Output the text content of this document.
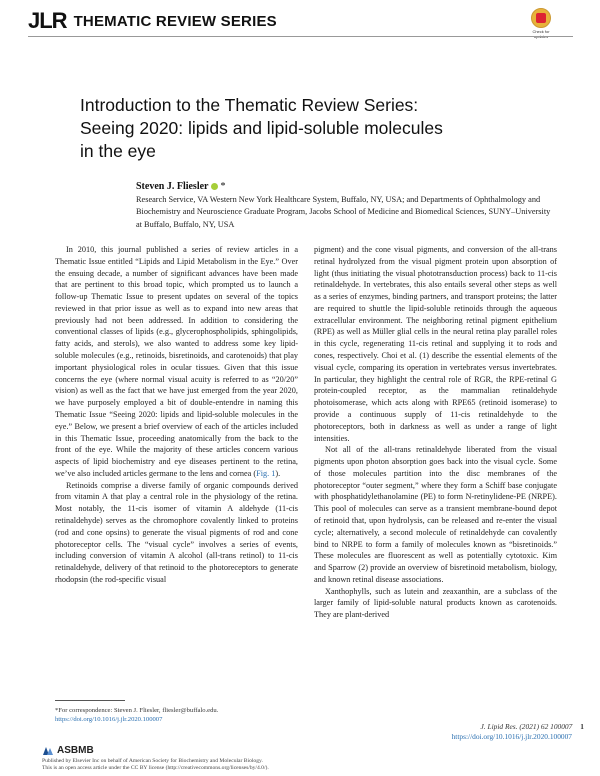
JLR THEMATIC REVIEW SERIES
Check for
Introduction to the Thematic Review Series:
Seeing 2020: lipids and lipid-soluble molecules
in the eye
Steven J. Fliesler *
Research Service, VA Western New York Healthcare System, Buffalo, NY, USA; and Departments of Ophthalmology and Biochemistry and Neuroscience Graduate Program, Jacobs School of Medicine and Biomedical Sciences, SUNY–University at Buffalo, Buffalo, NY, USA

In 2010, this journal published a series of review articles in a Thematic Issue entitled “Lipids and Lipid Metabolism in the Eye.” Over the ensuing decade, a number of significant advances have been made that are pertinent to this broad topic, which prompted us to launch a follow-up Thematic Issue to present updates on several of the topics reviewed in that prior issue as well as to expand into new areas that previously had not been addressed. In addition to considering the conventional classes of lipids (e.g., glycerophospholipids, sphingolipids, fatty acids, and sterols), we also wanted to address some key lipid-soluble molecules (e.g., retinoids, bisretinoids, and carotenoids) that play important physiological roles in ocular tissues. Given that this issue concerns the eye (where normal visual acuity is referred to as “20/20” vision) as well as the fact that we have just emerged from the year 2020, we have purposely employed a bit of double-entendre in naming this Thematic Issue “Seeing 2020: lipids and lipid-soluble molecules in the eye.” Below, we present a brief overview of each of the articles included in this Thematic Issue, proceeding anatomically from the back to the front of the eye. While the majority of these articles concern various aspects of lipid biochemistry and eye diseases pertinent to the retina, we’ve also included articles germane to the lens and cornea (Fig. 1).

Retinoids comprise a diverse family of organic compounds derived from vitamin A that play a central role in the physiology of the retina. Most notably, the 11-cis isomer of vitamin A aldehyde (11-cis retinaldehyde) serves as the chromophore covalently linked to proteins (rod and cone opsins) to generate the visual pigments of rod and cone photoreceptor cells. The “visual cycle” involves a series of events, including conversion of vitamin A alcohol (all-trans retinol) to 11-cis retinaldehyde, delivery of that retinoid to the photoreceptors to generate rhodopsin (the rod-specific visual

pigment) and the cone visual pigments, and conversion of the all-trans retinal hydrolyzed from the visual pigment protein upon absorption of light (thus initiating the visual phototransduction process) back to 11-cis retinaldehyde. In vertebrates, this also entails several other steps as well as a series of enzymes, binding partners, and transport proteins; the latter are required to shuttle the lipid-soluble retinoids through the aqueous extracellular environment. The neighboring retinal pigment epithelium (RPE) as well as Müller glial cells in the neural retina play parallel roles in this cycle, regenerating 11-cis retinal and supplying it to rods and cones, respectively. Choi et al. (1) describe the essential elements of the visual cycle, comparing its operation in vertebrates versus invertebrates. In particular, they highlight the central role of RGR, the RPE-retinal G protein-coupled receptor, as the mammalian retinaldehyde photoisomerase, which acts along with RPE65 (retinoid isomerase) to provide a continuous supply of 11-cis retinaldehyde to the photoreceptors, both in darkness as well as under a range of light intensities.

Not all of the all-trans retinaldehyde liberated from the visual pigments upon photon absorption goes back into the visual cycle. Some of those molecules partition into the disc membranes of the photoreceptor “outer segment,” where they form a Schiff base conjugate with phosphatidylethanolamine (PE) to form N-retinylidene-PE (NRPE). This pool of molecules can serve as a transient membrane-bound depot of retinoid that, upon hydrolysis, can be released and re-enter the visual cycle; alternatively, a second molecule of retinaldehyde can covalently bind to NRPE to form a family of molecules known as “bisretinoids.” These molecules are fluorescent as well as potentially cytotoxic. Kim and Sparrow (2) provide an overview of bisretinoid metabolism, biology, and known retinal disease associations.

Xanthophylls, such as lutein and zeaxanthin, are a subclass of the larger family of lipid-soluble natural products known as carotenoids. They are plant-derived

*For correspondence: Steven J. Fliesler, fliesler@buffalo.edu.
https://doi.org/10.1016/j.jlr.2020.100007
J. Lipid Res. (2021) 62 100007 1
https://doi.org/10.1016/j.jlr.2020.100007
ASBMB
Published by Elsevier Inc on behalf of American Society for Biochemistry and Molecular Biology.
This is an open access article under the CC BY license (http://creativecommons.org/licenses/by/4.0/).
